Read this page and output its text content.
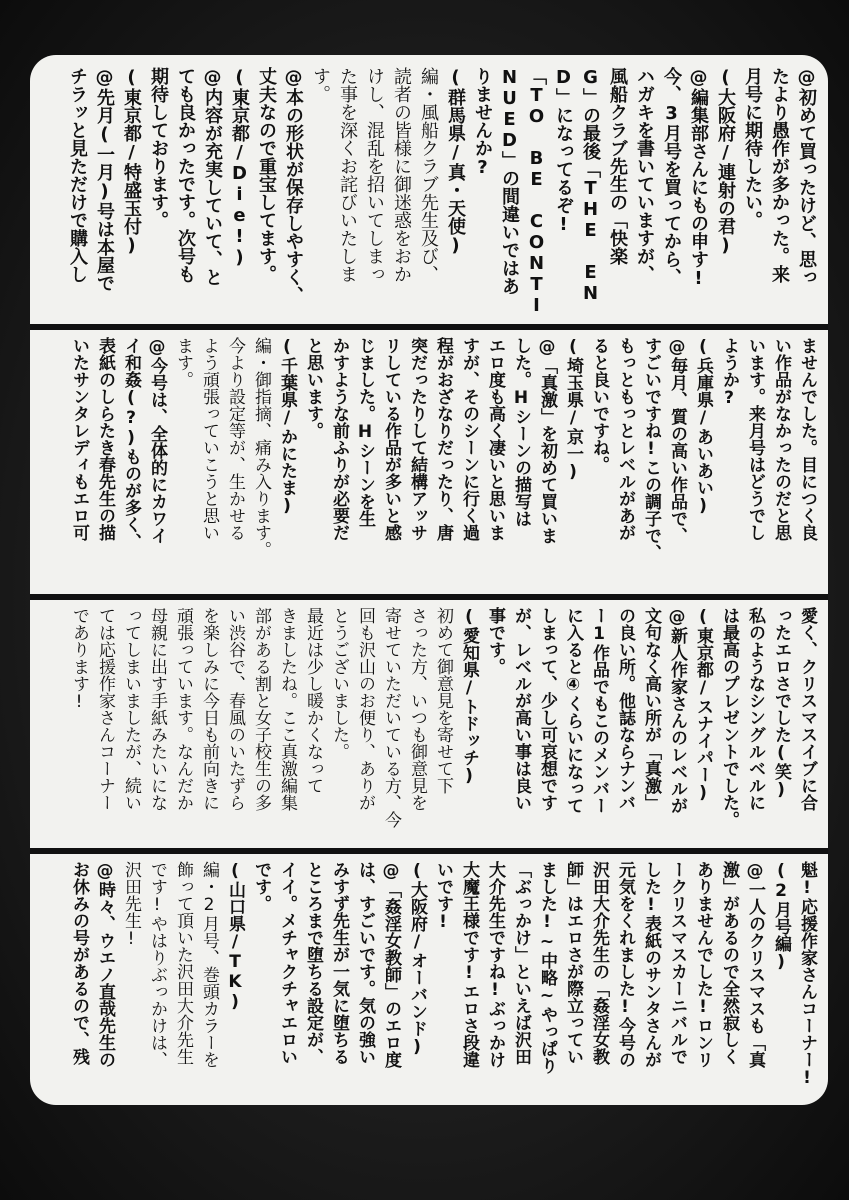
@初めて買ったけど、思っ
たより愚作が多かった。来
月号に期待したい。
(大阪府/連射の君)
@編集部さんにもの申す!
今、3月号を買ってから、
ハガキを書いていますが、
風船クラブ先生の「快楽
G」の最後「THE EN
D」になってるぞ!
「TO BE CONTI
NUED」の間違いではあ
りませんか?
(群馬県/真・天使)
編・風船クラブ先生及び、
読者の皆様に御迷惑をおか
けし、混乱を招いてしまっ
た事を深くお詫びいたしま
す。
@本の形状が保存しやすく、
丈夫なので重宝してます。
(東京都/Die!)
@内容が充実していて、と
ても良かったです。次号も
期待しております。
(東京都/特盛玉付)
@先月(一月)号は本屋で
チラッと見ただけで購入し
ませんでした。目につく良
い作品がなかったのだと思
います。来月号はどうでし
ようか?
(兵庫県/あいあい)
@毎月、質の高い作品で、
すごいですね!この調子で、
もっともっとレベルがあが
ると良いですね。
(埼玉県/京一)
@「真激」を初めて買いま
した。Hシーンの描写は
エロ度も高く凄いと思いま
すが、そのシーンに行く過
程がおざなりだったり、唐
突だったりして結構アッサ
リしている作品が多いと感
じました。Hシーンを生
かすような前ふりが必要だ
と思います。
(千葉県/かにたま)
編・御指摘、痛み入ります。
今より設定等が、生かせる
よう頑張っていこうと思い
ます。
@今号は、全体的にカワイ
イ和姦(?)ものが多く、
表紙のしらたき春先生の描
いたサンタレディもエロ可
愛く、クリスマスイブに合
ったエロさでした(笑)
私のようなシングルベルに
は最高のプレゼントでした。
(東京都/スナイパー)
@新人作家さんのレベルが
文句なく高い所が「真激」
の良い所。他誌ならナンバ
ー1作品でもこのメンバー
に入ると④くらいになって
しまって、少し可哀想です
が、レベルが高い事は良い
事です。
(愛知県/トドッチ)
初めて御意見を寄せて下
さった方、いつも御意見を
寄せていただいている方、今
回も沢山のお便り、ありが
とうございました。
最近は少し暖かくなって
きましたね。ここ真激編集
部がある割と女子校生の多
い渋谷で、春風のいたずら
を楽しみに今日も前向きに
頑張っています。なんだか
母親に出す手紙みたいにな
ってしまいましたが、続い
ては応援作家さんコーナー
であります!
魁!応援作家さんコーナー!
(2月号編)
@一人のクリスマスも「真
激」があるので全然寂しく
ありませんでした!ロンリ
ークリスマスカーニバルで
した!表紙のサンタさんが
元気をくれました!今号の
沢田大介先生の「姦淫女教
師」はエロさが際立ってい
ました!~中略~やっぱり
「ぶっかけ」といえば沢田
大介先生ですね!ぶっかけ
大魔王様です!エロさ段違
いです!
(大阪府/オーバンド)
@「姦淫女教師」のエロ度
は、すごいです。気の強い
みすず先生が一気に堕ちる
ところまで堕ちる設定が、
イイ。メチャクチャエロい
です。
(山口県/TK)
編・2月号、巻頭カラーを
飾って頂いた沢田大介先生
です!やはりぶっかけは、
沢田先生!
@時々、ウエノ直哉先生の
お休みの号があるので、残
